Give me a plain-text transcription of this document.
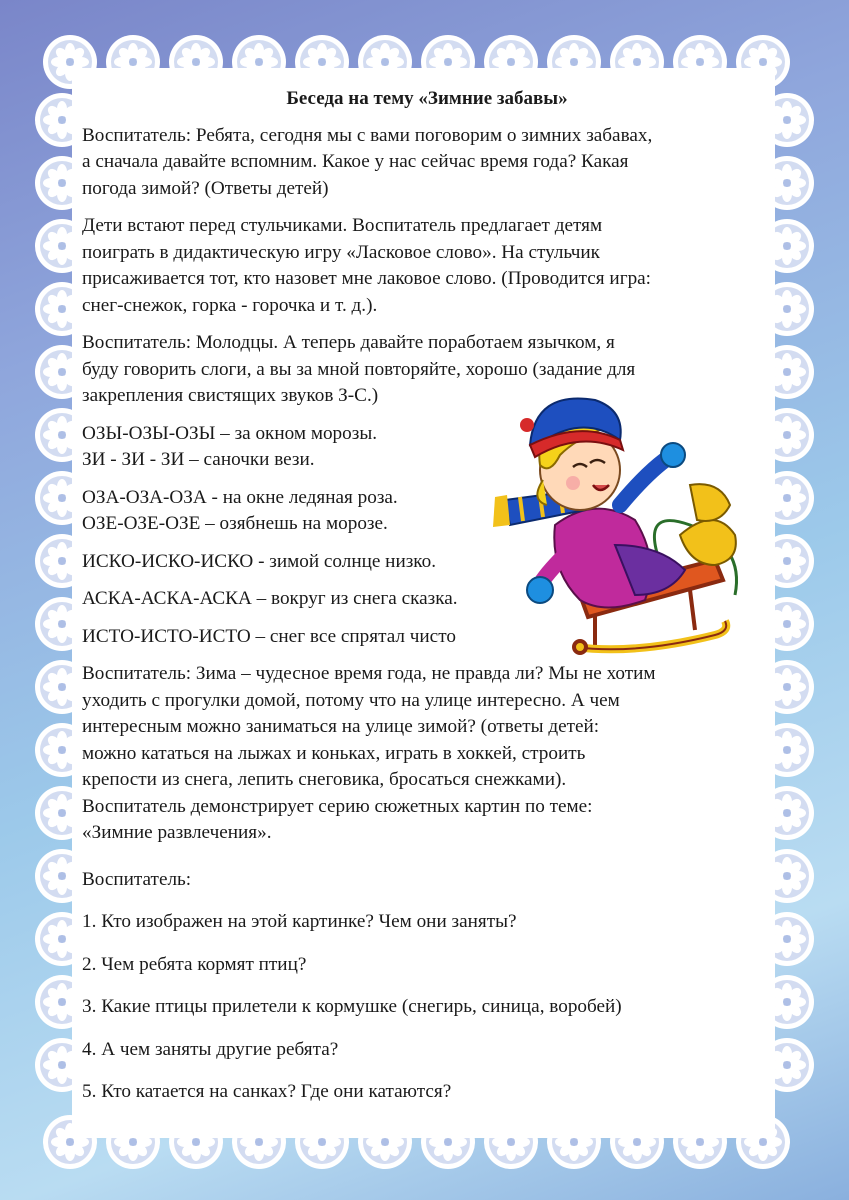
Беседа на тему «Зимние забавы»
Воспитатель: Ребята, сегодня мы с вами поговорим о зимних забавах,
а сначала давайте вспомним. Какое у нас сейчас время года? Какая
погода зимой? (Ответы детей)
Дети встают перед стульчиками. Воспитатель предлагает детям
поиграть в дидактическую игру «Ласковое слово». На стульчик
присаживается тот, кто назовет мне лаковое слово. (Проводится игра:
снег-снежок, горка - горочка и т. д.).
Воспитатель: Молодцы. А теперь давайте поработаем язычком, я
буду говорить слоги, а вы за мной повторяйте, хорошо (задание для
закрепления свистящих звуков З-С.)
ОЗЫ-ОЗЫ-ОЗЫ – за окном морозы.
ЗИ - ЗИ - ЗИ – саночки вези.
ОЗА-ОЗА-ОЗА - на окне ледяная роза.
ОЗЕ-ОЗЕ-ОЗЕ – озябнешь на морозе.
ИСКО-ИСКО-ИСКО - зимой солнце низко.
АСКА-АСКА-АСКА – вокруг из снега сказка.
ИСТО-ИСТО-ИСТО – снег все спрятал чисто
Воспитатель: Зима – чудесное время года, не правда ли? Мы не хотим
уходить с прогулки домой, потому что на улице интересно. А чем
интересным можно заниматься на улице зимой? (ответы детей:
можно кататься на лыжах и коньках, играть в хоккей, строить
крепости из снега, лепить снеговика, бросаться снежками).
Воспитатель демонстрирует серию сюжетных картин по теме:
«Зимние развлечения».
Воспитатель:
1. Кто изображен на этой картинке? Чем они заняты?
2. Чем ребята кормят птиц?
3. Какие птицы прилетели к кормушке (снегирь, синица, воробей)
4. А чем заняты другие ребята?
5. Кто катается на санках? Где они катаются?
